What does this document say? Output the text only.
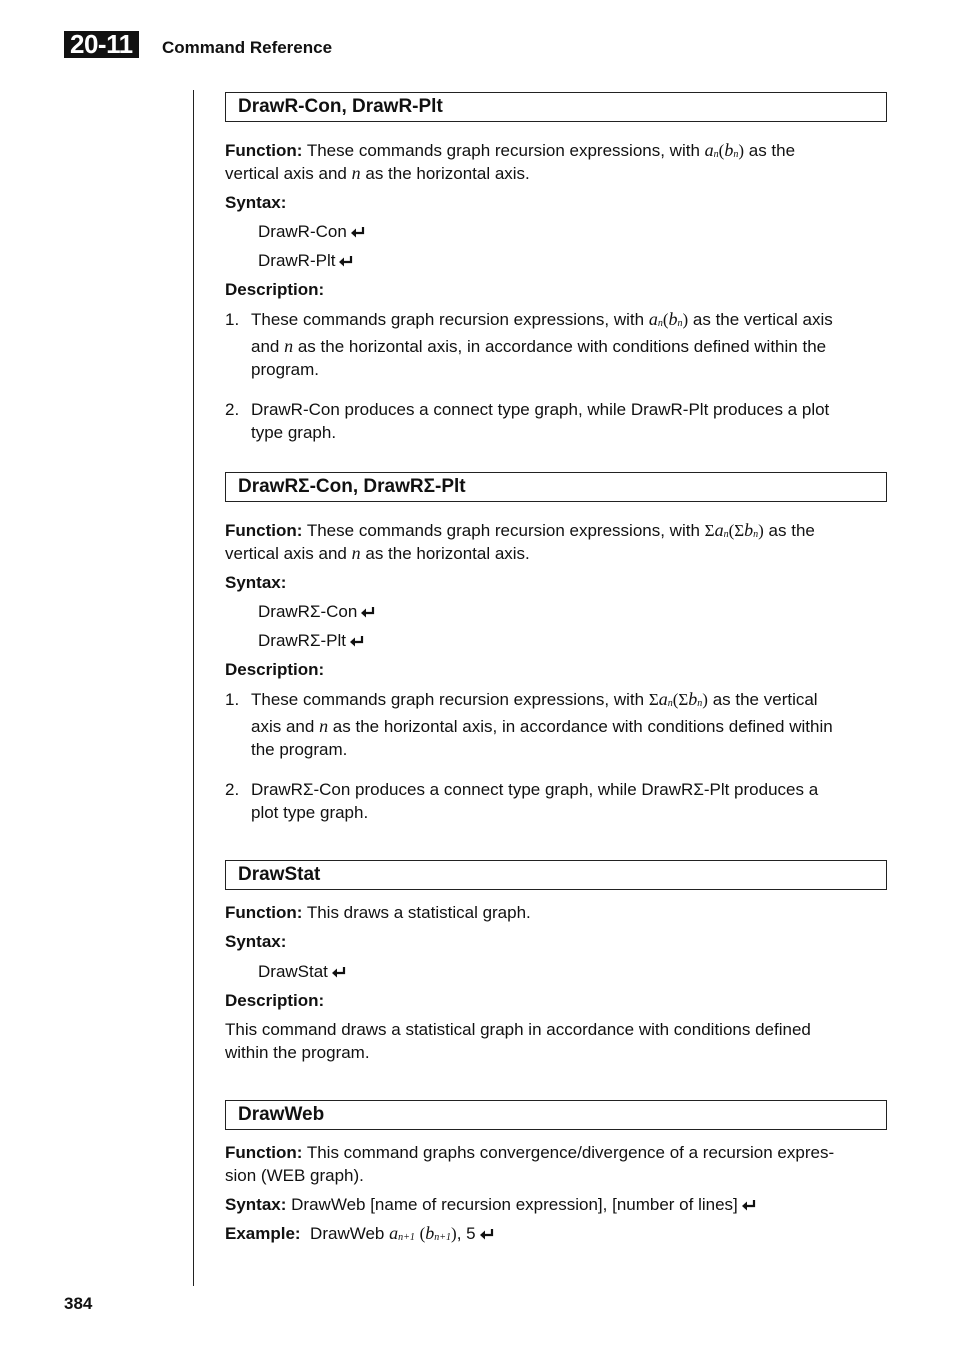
20-11	Command Reference
DrawR-Con, DrawR-Plt
Function: These commands graph recursion expressions, with an(bn) as the
vertical axis and n as the horizontal axis.
Syntax:
DrawR-Con
DrawR-Plt
Description:
1. These commands graph recursion expressions, with an(bn) as the vertical axis
and n as the horizontal axis, in accordance with conditions defined within the
program.
2. DrawR-Con produces a connect type graph, while DrawR-Plt produces a plot
type graph.
DrawRΣ-Con, DrawRΣ-Plt
Function: These commands graph recursion expressions, with Σan(Σbn) as the
vertical axis and n as the horizontal axis.
Syntax:
DrawRΣ-Con
DrawRΣ-Plt
Description:
1. These commands graph recursion expressions, with Σan(Σbn) as the vertical
axis and n as the horizontal axis, in accordance with conditions defined within
the program.
2. DrawRΣ-Con produces a connect type graph, while DrawRΣ-Plt produces a
plot type graph.
DrawStat
Function: This draws a statistical graph.
Syntax:
DrawStat
Description:
This command draws a statistical graph in accordance with conditions defined
within the program.
DrawWeb
Function: This command graphs convergence/divergence of a recursion expres-
sion (WEB graph).
Syntax: DrawWeb [name of recursion expression], [number of lines]
Example: DrawWeb an+1 (bn+1), 5
384
